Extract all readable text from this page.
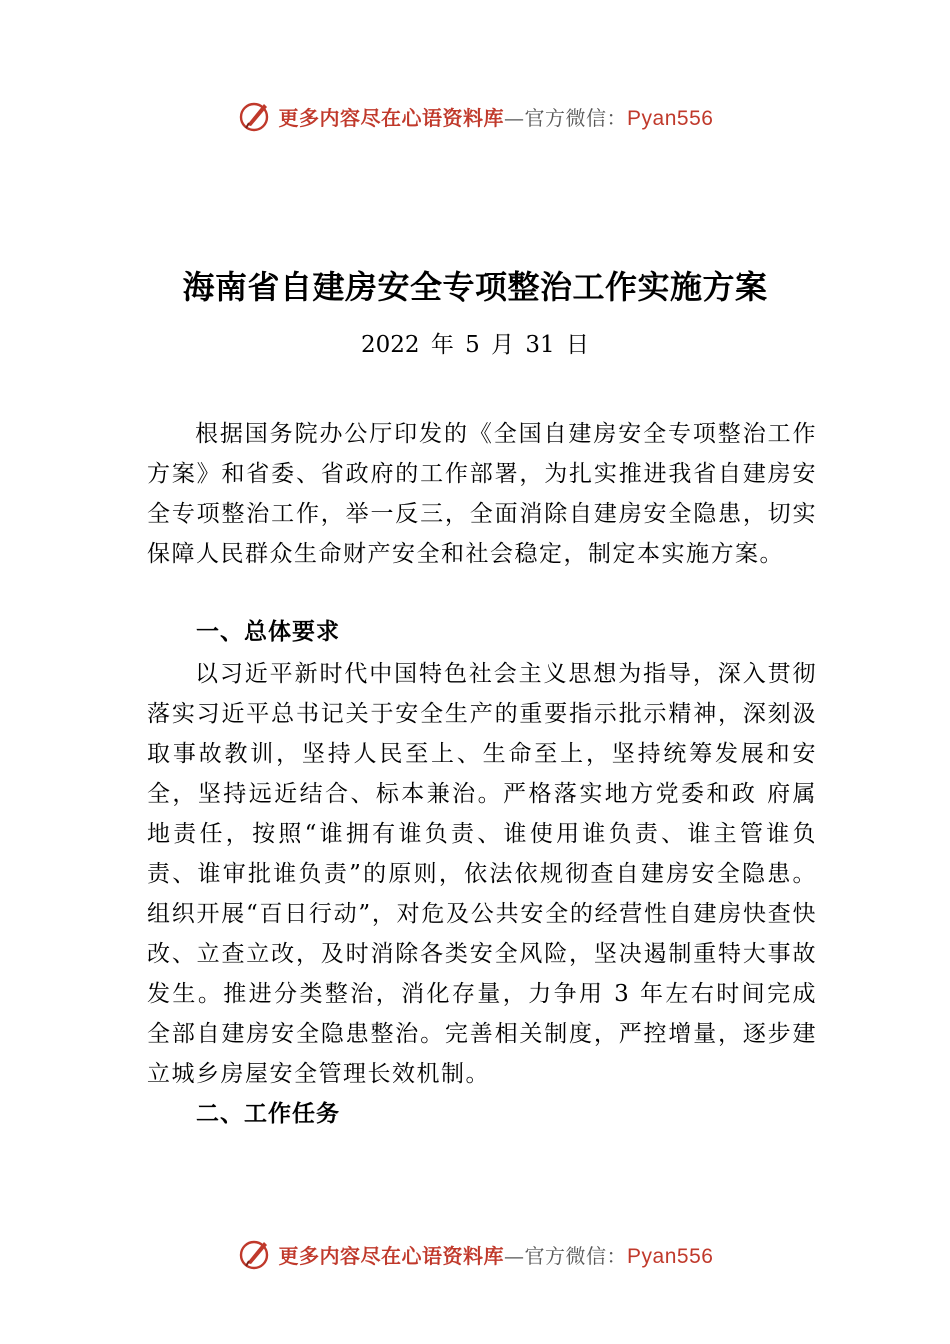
更多内容尽在心语资料库—官方微信：Pyan556
海南省自建房安全专项整治工作实施方案

2022 年 5 月 31 日

根据国务院办公厅印发的《全国自建房安全专项整治工作方案》和省委、省政府的工作部署，为扎实推进我省自建房安全专项整治工作，举一反三，全面消除自建房安全隐患，切实保障人民群众生命财产安全和社会稳定，制定本实施方案。

一、总体要求

以习近平新时代中国特色社会主义思想为指导，深入贯彻落实习近平总书记关于安全生产的重要指示批示精神，深刻汲取事故教训，坚持人民至上、生命至上，坚持统筹发展和安全，坚持远近结合、标本兼治。严格落实地方党委和政 府属地责任，按照“谁拥有谁负责、谁使用谁负责、谁主管谁负责、谁审批谁负责”的原则，依法依规彻查自建房安全隐患。组织开展“百日行动”，对危及公共安全的经营性自建房快查快改、立查立改，及时消除各类安全风险，坚决遏制重特大事故发生。推进分类整治，消化存量，力争用 3 年左右时间完成全部自建房安全隐患整治。完善相关制度，严控增量，逐步建立城乡房屋安全管理长效机制。

二、工作任务
更多内容尽在心语资料库—官方微信：Pyan556
